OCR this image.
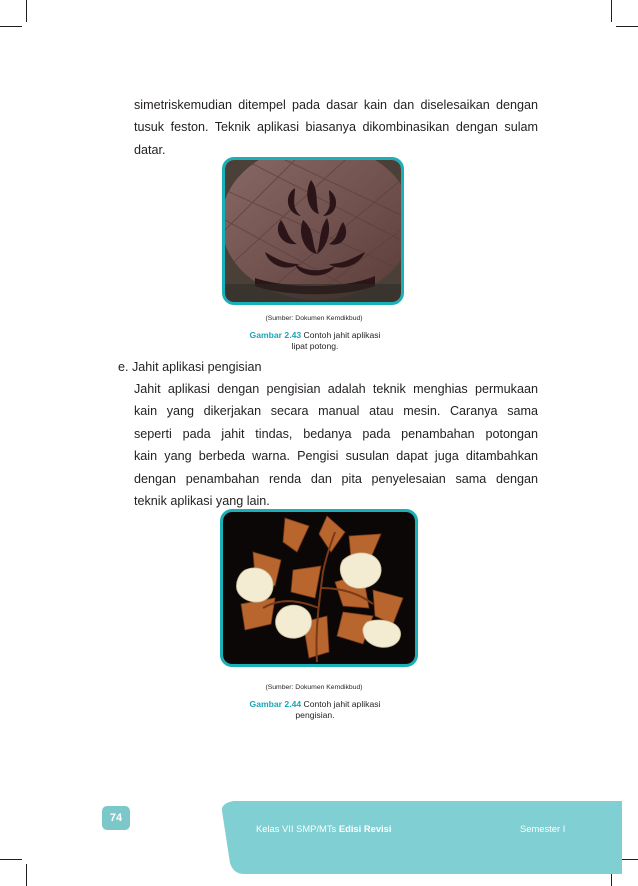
simetriskemudian ditempel pada dasar kain dan diselesaikan dengan
tusuk feston. Teknik aplikasi biasanya dikombinasikan dengan sulam
datar.
(Sumber: Dokumen Kemdikbud)
Gambar 2.43 Contoh jahit aplikasi
lipat potong.
e. Jahit aplikasi pengisian
Jahit aplikasi dengan pengisian adalah teknik menghias permukaan
kain yang dikerjakan secara manual atau mesin. Caranya sama
seperti pada jahit tindas, bedanya pada penambahan potongan
kain yang berbeda warna. Pengisi susulan dapat juga ditambahkan
dengan penambahan renda dan pita penyelesaian sama dengan
teknik aplikasi yang lain.
(Sumber: Dokumen Kemdikbud)
Gambar 2.44 Contoh jahit aplikasi
pengisian.
74
Kelas VII SMP/MTs Edisi Revisi	Semester I
